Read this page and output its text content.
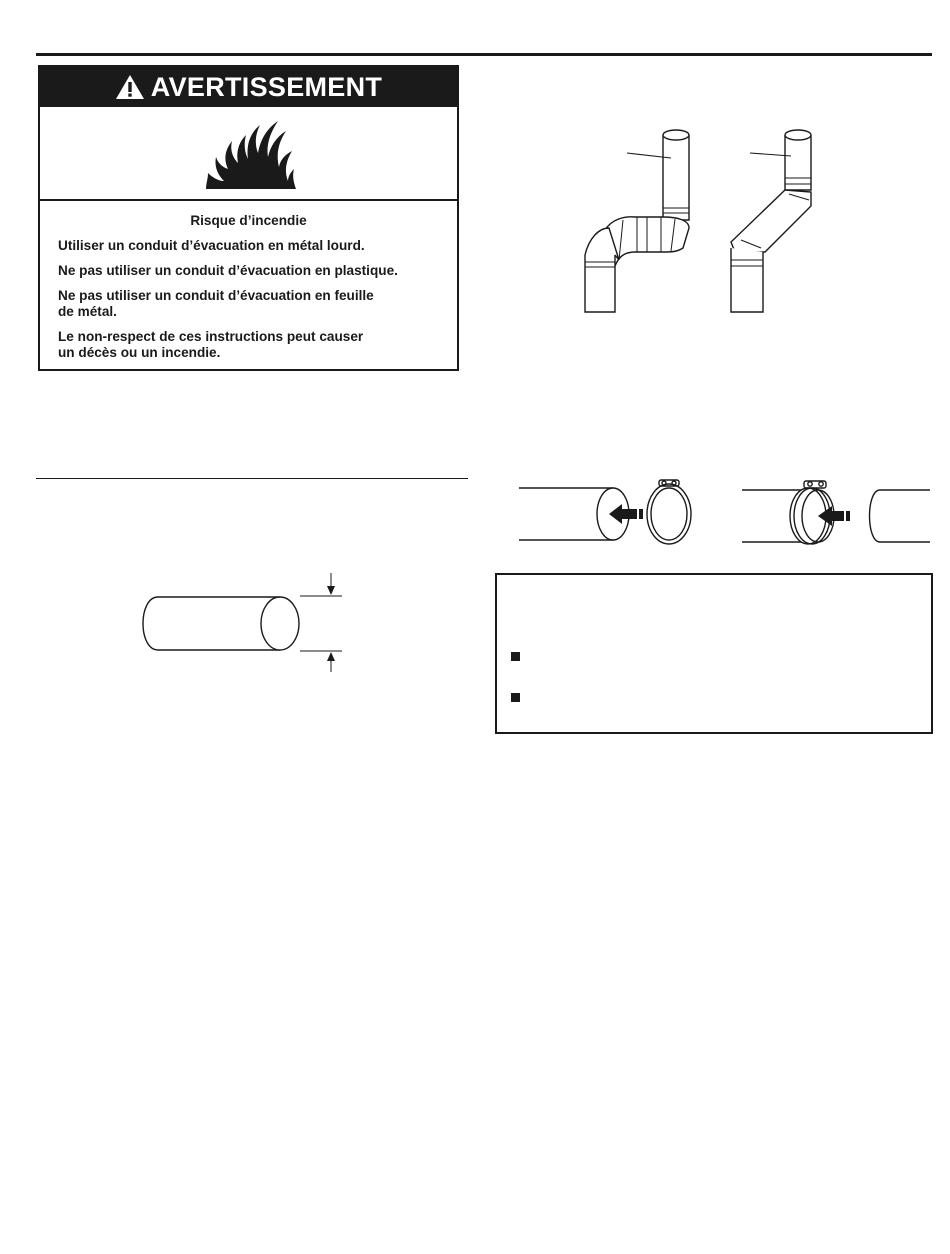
AVERTISSEMENT
Risque d’incendie

Utiliser un conduit d’évacuation en métal lourd.

Ne pas utiliser un conduit d’évacuation en plastique.

Ne pas utiliser un conduit d’évacuation en feuille
de métal.

Le non-respect de ces instructions peut causer
un décès ou un incendie.
